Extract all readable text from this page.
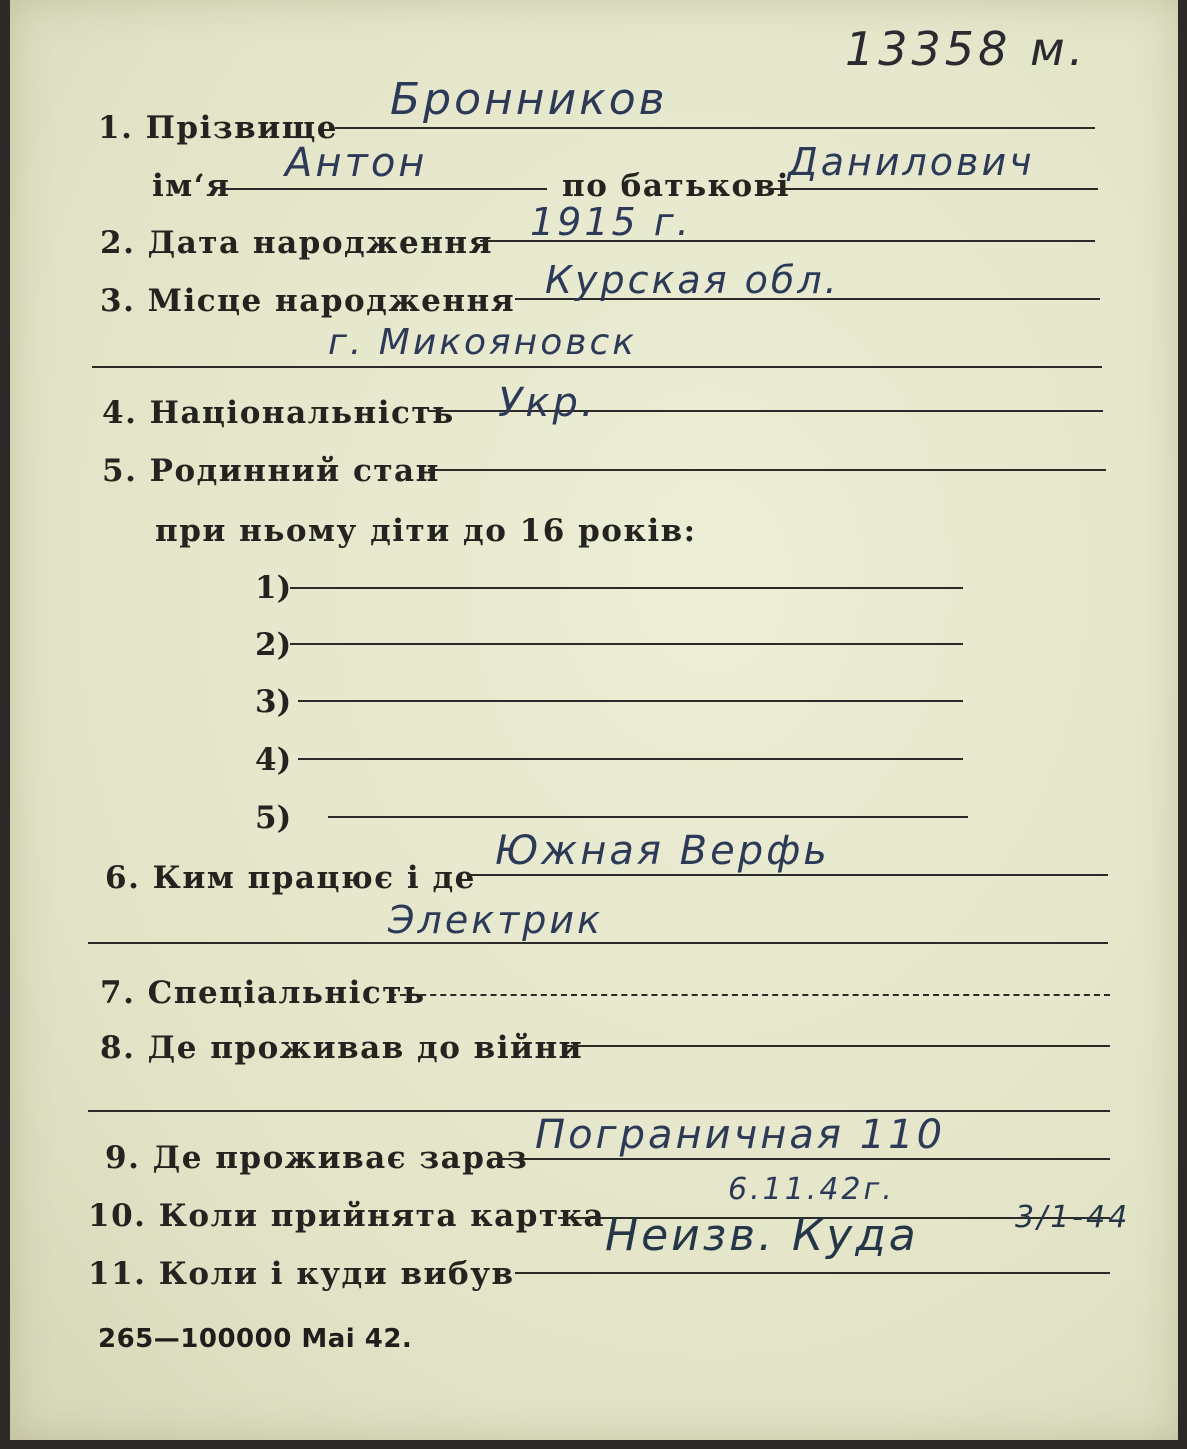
13358 м.
1. Прізвище
Бронников
ім‘я Антон	по батькові
Данилович
2. Дата народження 1915 г.
3. Місце народження Курская обл.
г. Микояновск
4. Національність Укр.
5. Родинний стан
при ньому діти до 16 років:
1)
2)
3)
4)
5)
6. Ким працює і де
Южная Верфь
Электрик
7. Спеціальність
8. Де проживав до війни
9. Де проживає зараз Пограничная 110
10. Коли прийнята картка
6.11.42г.
11. Коли і куди вибув
Неизв. Куда	3/1-44
265—100000 Mai 42.
